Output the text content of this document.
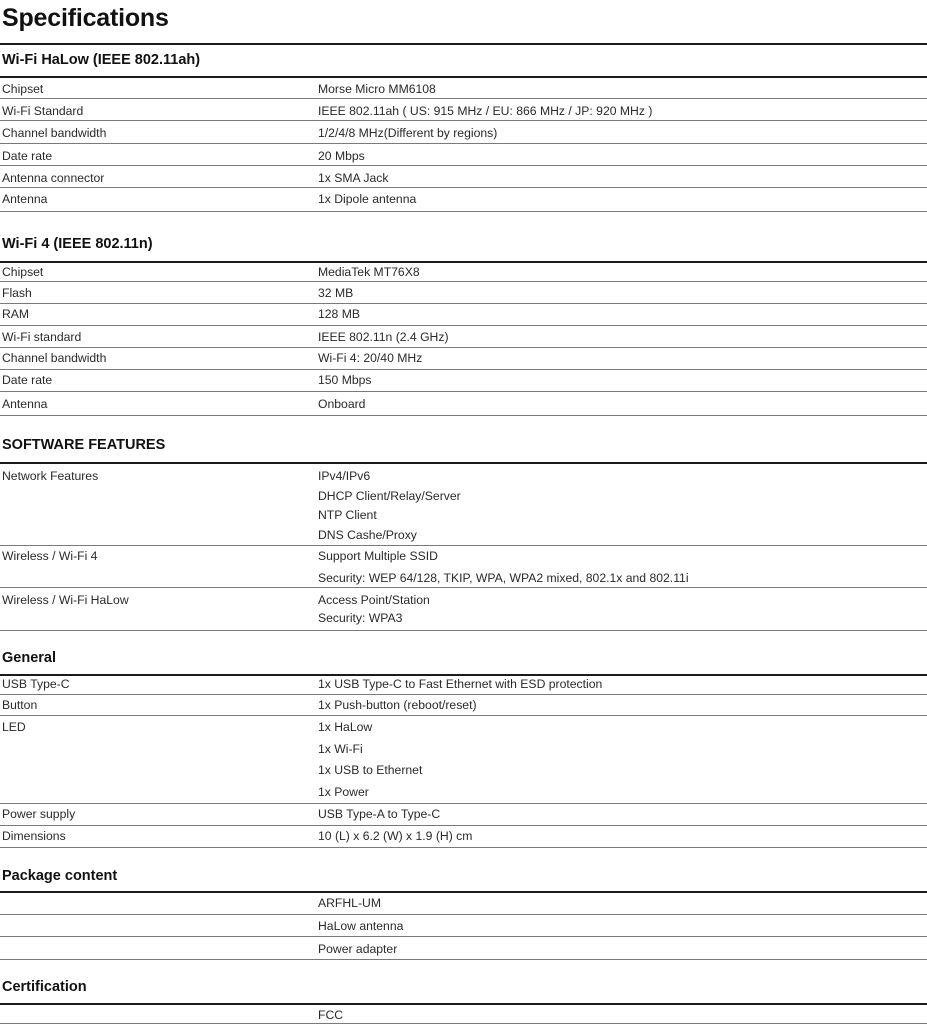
Specifications
Wi-Fi HaLow (IEEE 802.11ah)
Chipset	Morse Micro MM6108
Wi-Fi Standard	IEEE 802.11ah ( US: 915 MHz / EU: 866 MHz / JP: 920 MHz )
Channel bandwidth	1/2/4/8 MHz(Different by regions)
Date rate	20 Mbps
Antenna connector	1x SMA Jack
Antenna	1x Dipole antenna
Wi-Fi 4 (IEEE 802.11n)
Chipset	MediaTek MT76X8
Flash	32 MB
RAM	128 MB
Wi-Fi standard	IEEE 802.11n (2.4 GHz)
Channel bandwidth	Wi-Fi 4: 20/40 MHz
Date rate	150 Mbps
Antenna	Onboard
SOFTWARE FEATURES
Network Features	IPv4/IPv6
DHCP Client/Relay/Server
NTP Client
DNS Cashe/Proxy
Wireless / Wi-Fi 4	Support Multiple SSID
Security: WEP 64/128, TKIP, WPA, WPA2 mixed, 802.1x and 802.11i
Wireless / Wi-Fi HaLow	Access Point/Station
Security: WPA3
General
USB Type-C	1x USB Type-C to Fast Ethernet with ESD protection
Button	1x Push-button (reboot/reset)
LED	1x HaLow
1x Wi-Fi
1x USB to Ethernet
1x Power
Power supply	USB Type-A to Type-C
Dimensions	10 (L) x 6.2 (W) x 1.9 (H) cm
Package content
ARFHL-UM
HaLow antenna
Power adapter
Certification
FCC
